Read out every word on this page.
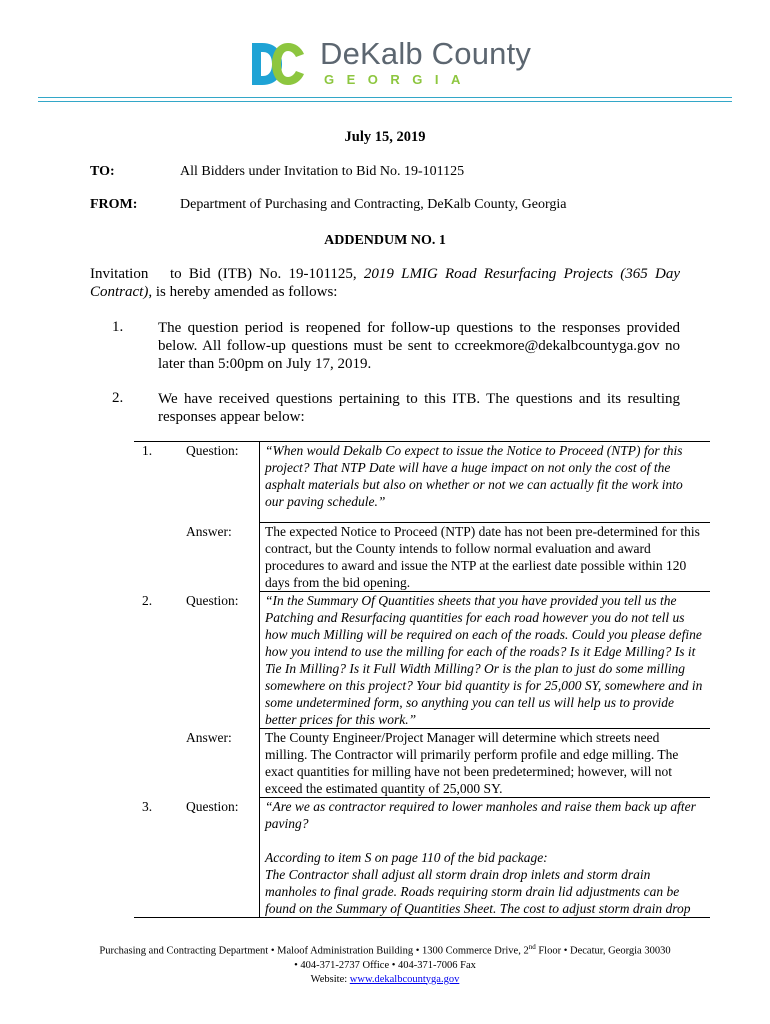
DeKalb County
GEORGIA
July 15, 2019
TO:	All Bidders under Invitation to Bid No. 19-101125
FROM:	Department of Purchasing and Contracting, DeKalb County, Georgia
ADDENDUM NO. 1
Invitation   to Bid (ITB) No. 19-101125, 2019 LMIG Road Resurfacing Projects (365 Day Contract), is hereby amended as follows:
1. The question period is reopened for follow-up questions to the responses provided below. All follow-up questions must be sent to ccreekmore@dekalbcountyga.gov no later than 5:00pm on July 17, 2019.
2. We have received questions pertaining to this ITB. The questions and its resulting responses appear below:
1.	Question:	“When would Dekalb Co expect to issue the Notice to Proceed (NTP) for this project? That NTP Date will have a huge impact on not only the cost of the asphalt materials but also on whether or not we can actually fit the work into our paving schedule.”
	Answer:	The expected Notice to Proceed (NTP) date has not been pre-determined for this contract, but the County intends to follow normal evaluation and award procedures to award and issue the NTP at the earliest date possible within 120 days from the bid opening.
2.	Question:	“In the Summary Of Quantities sheets that you have provided you tell us the Patching and Resurfacing quantities for each road however you do not tell us how much Milling will be required on each of the roads. Could you please define how you intend to use the milling for each of the roads? Is it Edge Milling? Is it Tie In Milling? Is it Full Width Milling? Or is the plan to just do some milling somewhere on this project? Your bid quantity is for 25,000 SY, somewhere and in some undetermined form, so anything you can tell us will help us to provide better prices for this work.”
	Answer:	The County Engineer/Project Manager will determine which streets need milling. The Contractor will primarily perform profile and edge milling. The exact quantities for milling have not been predetermined; however, will not exceed the estimated quantity of 25,000 SY.
3.	Question:	“Are we as contractor required to lower manholes and raise them back up after paving?
According to item S on page 110 of the bid package:
The Contractor shall adjust all storm drain drop inlets and storm drain manholes to final grade. Roads requiring storm drain lid adjustments can be found on the Summary of Quantities Sheet. The cost to adjust storm drain drop
Purchasing and Contracting Department • Maloof Administration Building • 1300 Commerce Drive, 2nd Floor • Decatur, Georgia 30030
• 404-371-2737 Office • 404-371-7006 Fax
Website: www.dekalbcountyga.gov
